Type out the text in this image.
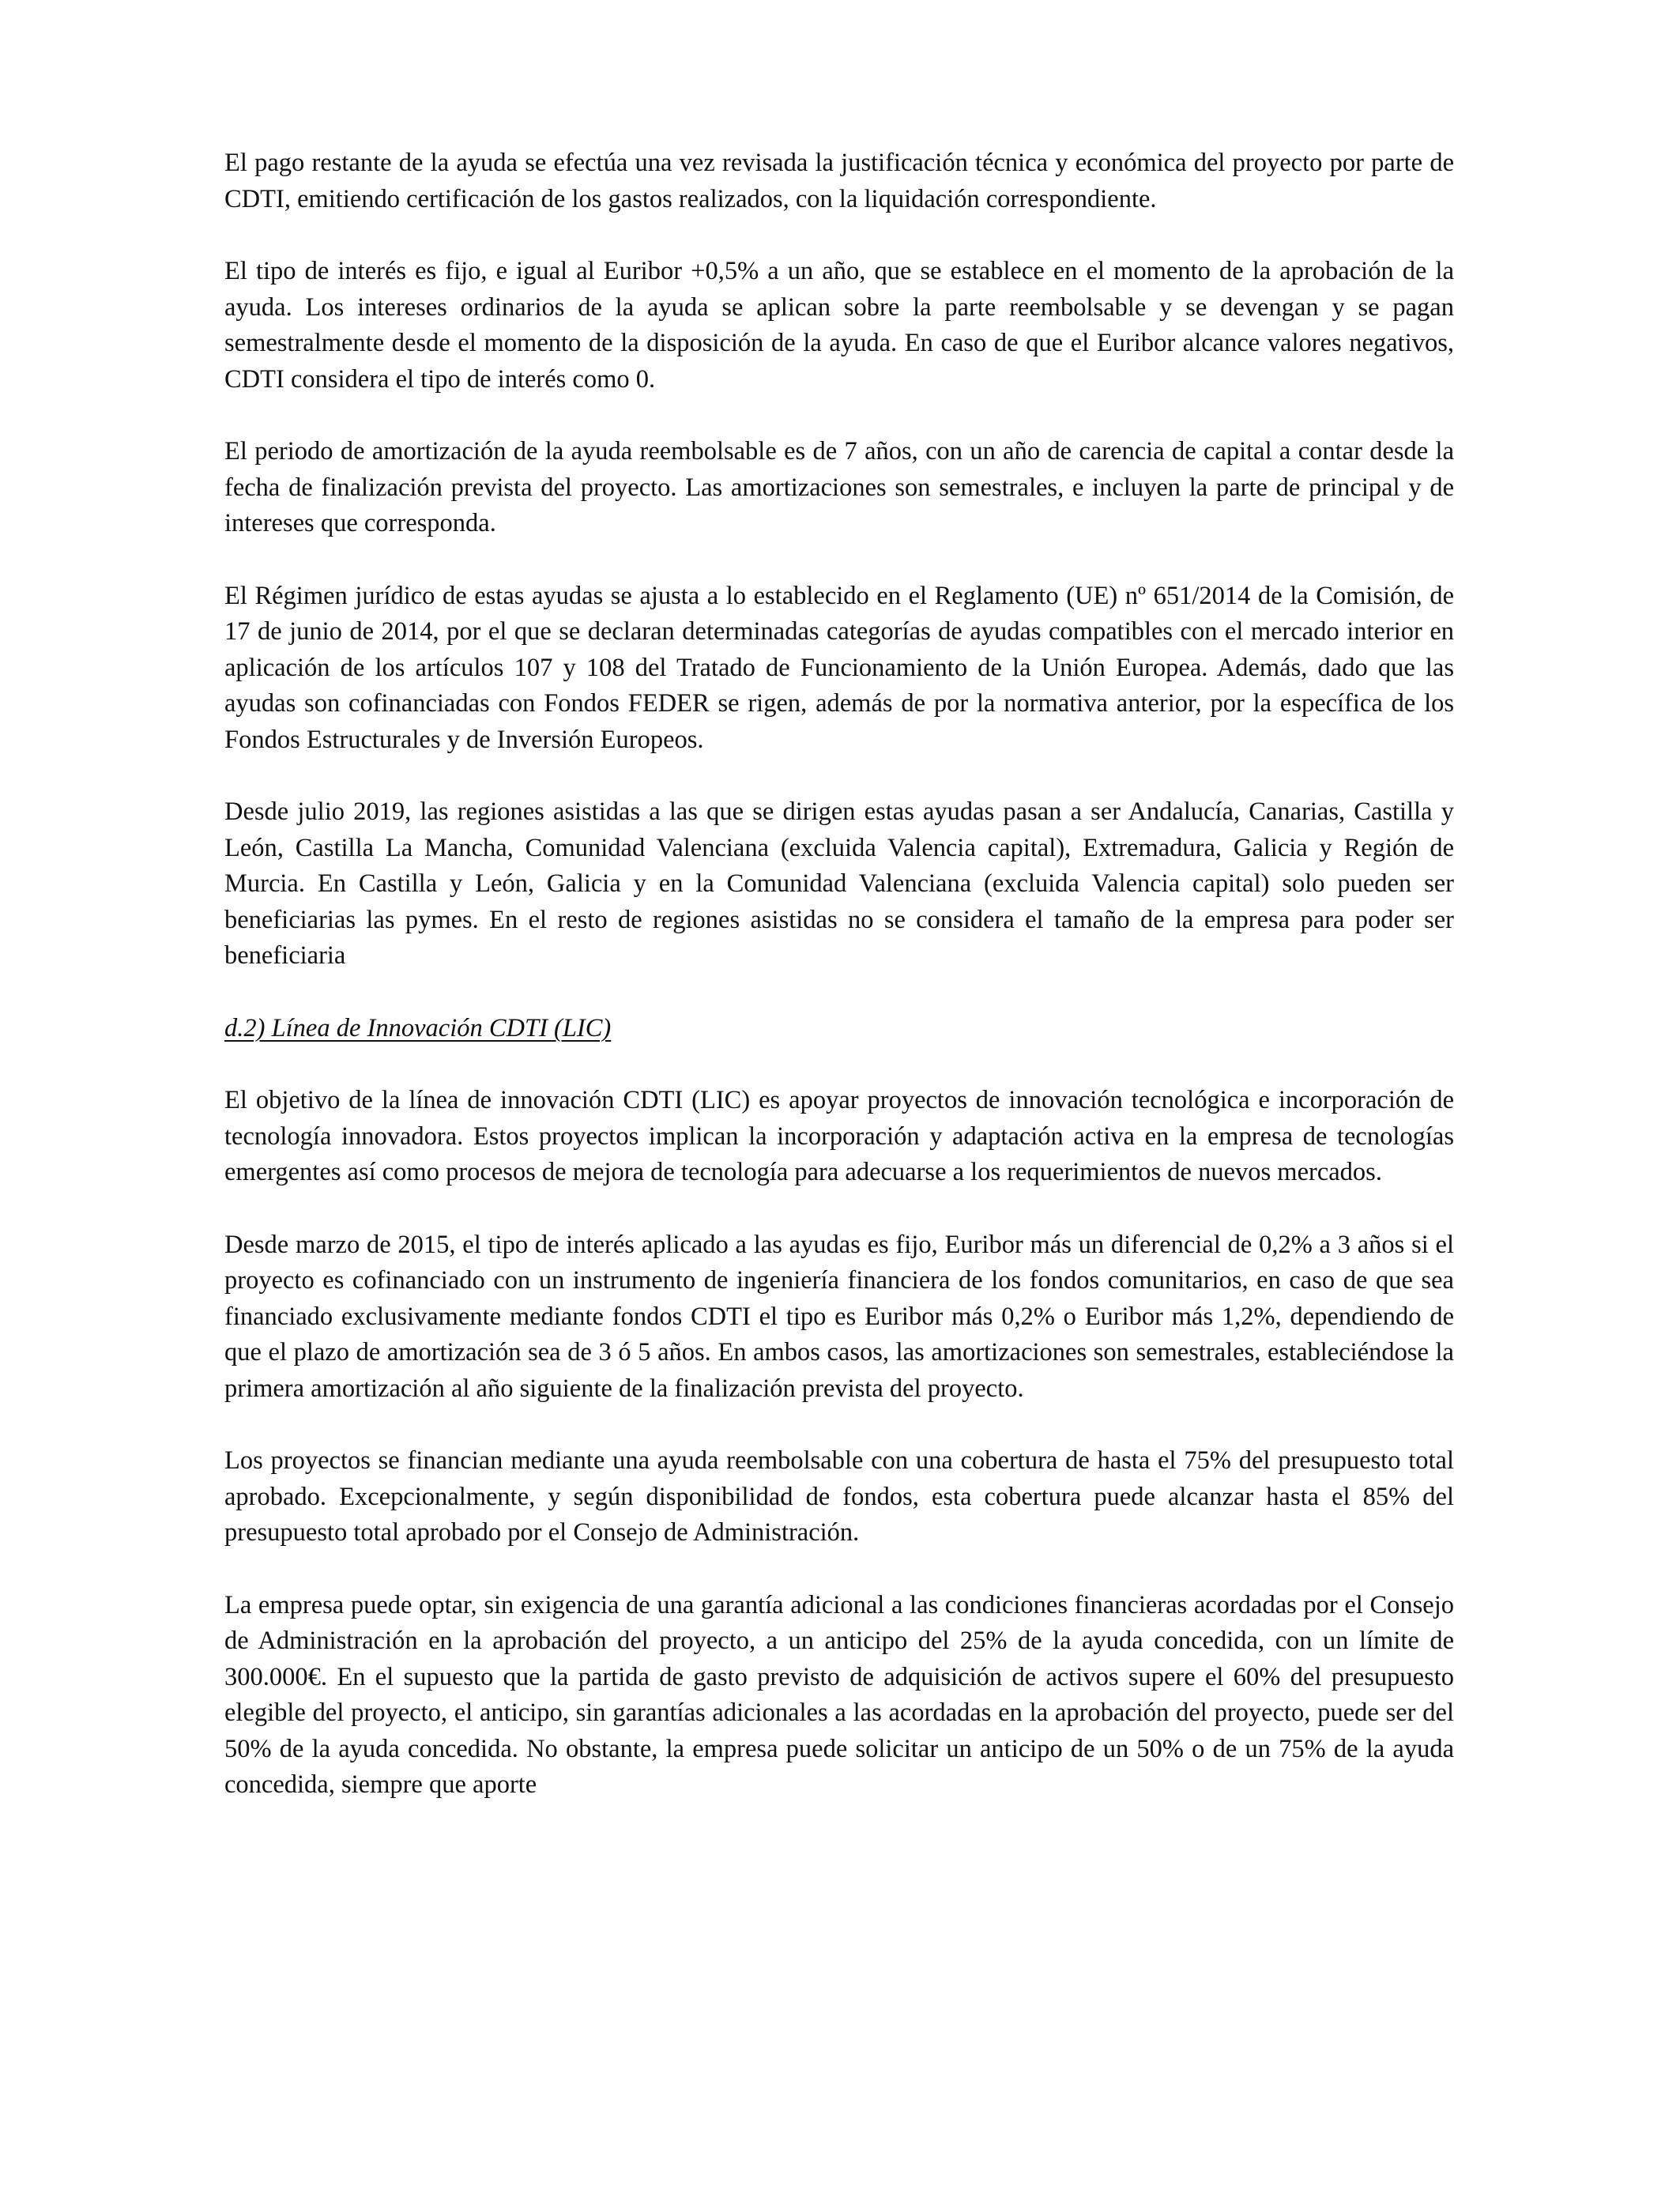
El pago restante de la ayuda se efectúa una vez revisada la justificación técnica y económica del proyecto por parte de CDTI, emitiendo certificación de los gastos realizados, con la liquidación correspondiente.

El tipo de interés es fijo, e igual al Euribor +0,5% a un año, que se establece en el momento de la aprobación de la ayuda. Los intereses ordinarios de la ayuda se aplican sobre la parte reembolsable y se devengan y se pagan semestralmente desde el momento de la disposición de la ayuda. En caso de que el Euribor alcance valores negativos, CDTI considera el tipo de interés como 0.

El periodo de amortización de la ayuda reembolsable es de 7 años, con un año de carencia de capital a contar desde la fecha de finalización prevista del proyecto. Las amortizaciones son semestrales, e incluyen la parte de principal y de intereses que corresponda.

El Régimen jurídico de estas ayudas se ajusta a lo establecido en el Reglamento (UE) nº 651/2014 de la Comisión, de 17 de junio de 2014, por el que se declaran determinadas categorías de ayudas compatibles con el mercado interior en aplicación de los artículos 107 y 108 del Tratado de Funcionamiento de la Unión Europea. Además, dado que las ayudas son cofinanciadas con Fondos FEDER se rigen, además de por la normativa anterior, por la específica de los Fondos Estructurales y de Inversión Europeos.

Desde julio 2019, las regiones asistidas a las que se dirigen estas ayudas pasan a ser Andalucía, Canarias, Castilla y León, Castilla La Mancha, Comunidad Valenciana (excluida Valencia capital), Extremadura, Galicia y Región de Murcia. En Castilla y León, Galicia y en la Comunidad Valenciana (excluida Valencia capital) solo pueden ser beneficiarias las pymes. En el resto de regiones asistidas no se considera el tamaño de la empresa para poder ser beneficiaria

d.2) Línea de Innovación CDTI (LIC)

El objetivo de la línea de innovación CDTI (LIC) es apoyar proyectos de innovación tecnológica e incorporación de tecnología innovadora. Estos proyectos implican la incorporación y adaptación activa en la empresa de tecnologías emergentes así como procesos de mejora de tecnología para adecuarse a los requerimientos de nuevos mercados.

Desde marzo de 2015, el tipo de interés aplicado a las ayudas es fijo, Euribor más un diferencial de 0,2% a 3 años si el proyecto es cofinanciado con un instrumento de ingeniería financiera de los fondos comunitarios, en caso de que sea financiado exclusivamente mediante fondos CDTI el tipo es Euribor más 0,2% o Euribor más 1,2%, dependiendo de que el plazo de amortización sea de 3 ó 5 años. En ambos casos, las amortizaciones son semestrales, estableciéndose la primera amortización al año siguiente de la finalización prevista del proyecto.

Los proyectos se financian mediante una ayuda reembolsable con una cobertura de hasta el 75% del presupuesto total aprobado. Excepcionalmente, y según disponibilidad de fondos, esta cobertura puede alcanzar hasta el 85% del presupuesto total aprobado por el Consejo de Administración.

La empresa puede optar, sin exigencia de una garantía adicional a las condiciones financieras acordadas por el Consejo de Administración en la aprobación del proyecto, a un anticipo del 25% de la ayuda concedida, con un límite de 300.000€. En el supuesto que la partida de gasto previsto de adquisición de activos supere el 60% del presupuesto elegible del proyecto, el anticipo, sin garantías adicionales a las acordadas en la aprobación del proyecto, puede ser del 50% de la ayuda concedida. No obstante, la empresa puede solicitar un anticipo de un 50% o de un 75% de la ayuda concedida, siempre que aporte
